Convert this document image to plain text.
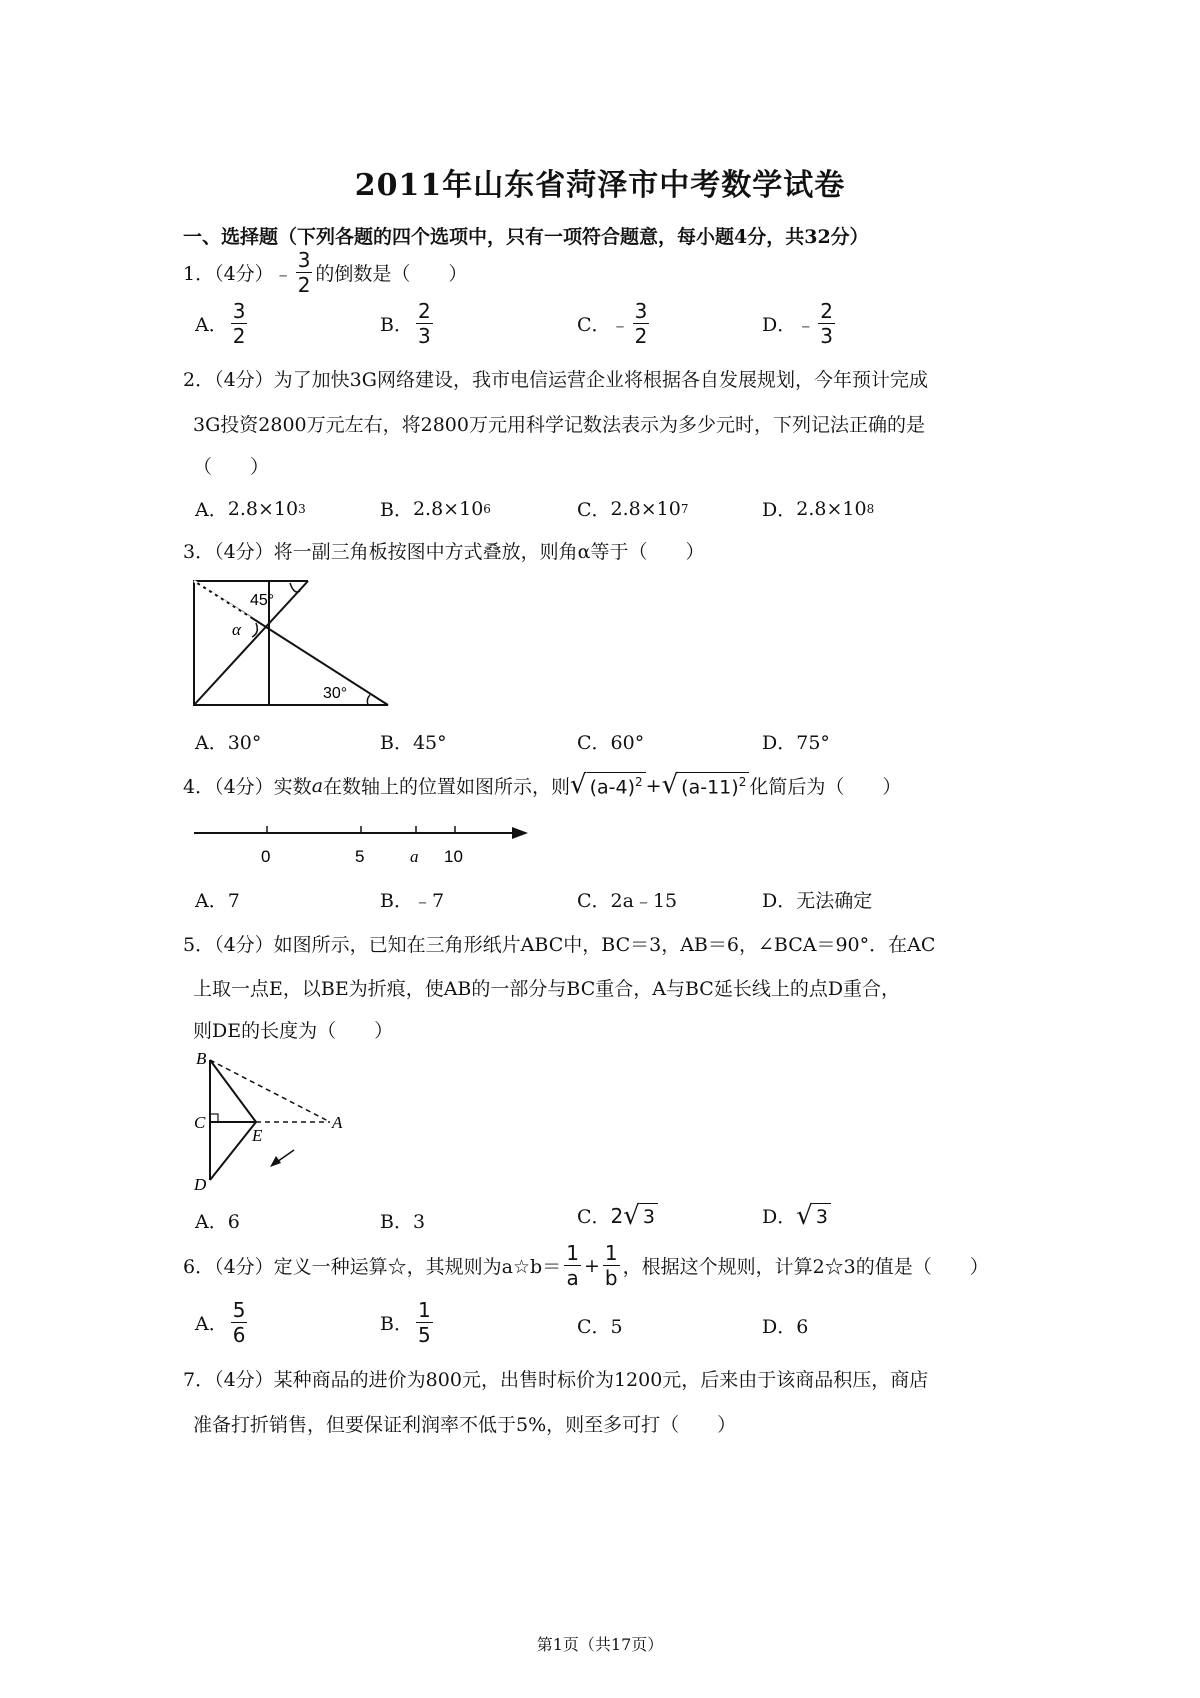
2011年山东省菏泽市中考数学试卷
一、选择题（下列各题的四个选项中，只有一项符合题意，每小题4分，共32分）
1．（4分）﹣ $\frac{3}{2}$ 的倒数是（　　）
A． $\frac{3}{2}$	B． $\frac{2}{3}$	C． ﹣ $\frac{3}{2}$	D． ﹣ $\frac{2}{3}$
2．（4分）为了加快3G网络建设，我市电信运营企业将根据各自发展规划，今年预计完成
3G投资2800万元左右，将2800万元用科学记数法表示为多少元时，下列记法正确的是
（　　）
A． 2.8×10 3	B． 2.8×10 6	C． 2.8×10 7	D． 2.8×10 8
3．（4分）将一副三角板按图中方式叠放，则角α等于（　　）
45°
α
30°
A．30°	B．45°	C．60°	D．75°
4．（4分）实数 a 在数轴上的位置如图所示，则 √ $(a-4)^2$ + √ $(a-11)^2$ 化简后为（　　）
0	5	a 10
A．7	B．﹣7	C．2a﹣15	D．无法确定
5．（4分）如图所示，已知在三角形纸片ABC中，BC＝3，AB＝6，∠BCA＝90°．在AC
上取一点E，以BE为折痕，使AB的一部分与BC重合，A与BC延长线上的点D重合，
则DE的长度为（　　）
B
C
E
A
D
A．6	B．3	C． 2 √ 3	D． √ 3
6．（4分）定义一种运算☆，其规则为a☆b＝ $\frac{1}{a} + \frac{1}{b}$ ，根据这个规则，计算2☆3的值是（　　）
A． $\frac{5}{6}$	B． $\frac{1}{5}$	C．5	D．6
7．（4分）某种商品的进价为800元，出售时标价为1200元，后来由于该商品积压，商店
准备打折销售，但要保证利润率不低于5%，则至多可打（　　）
第1页（共17页）
